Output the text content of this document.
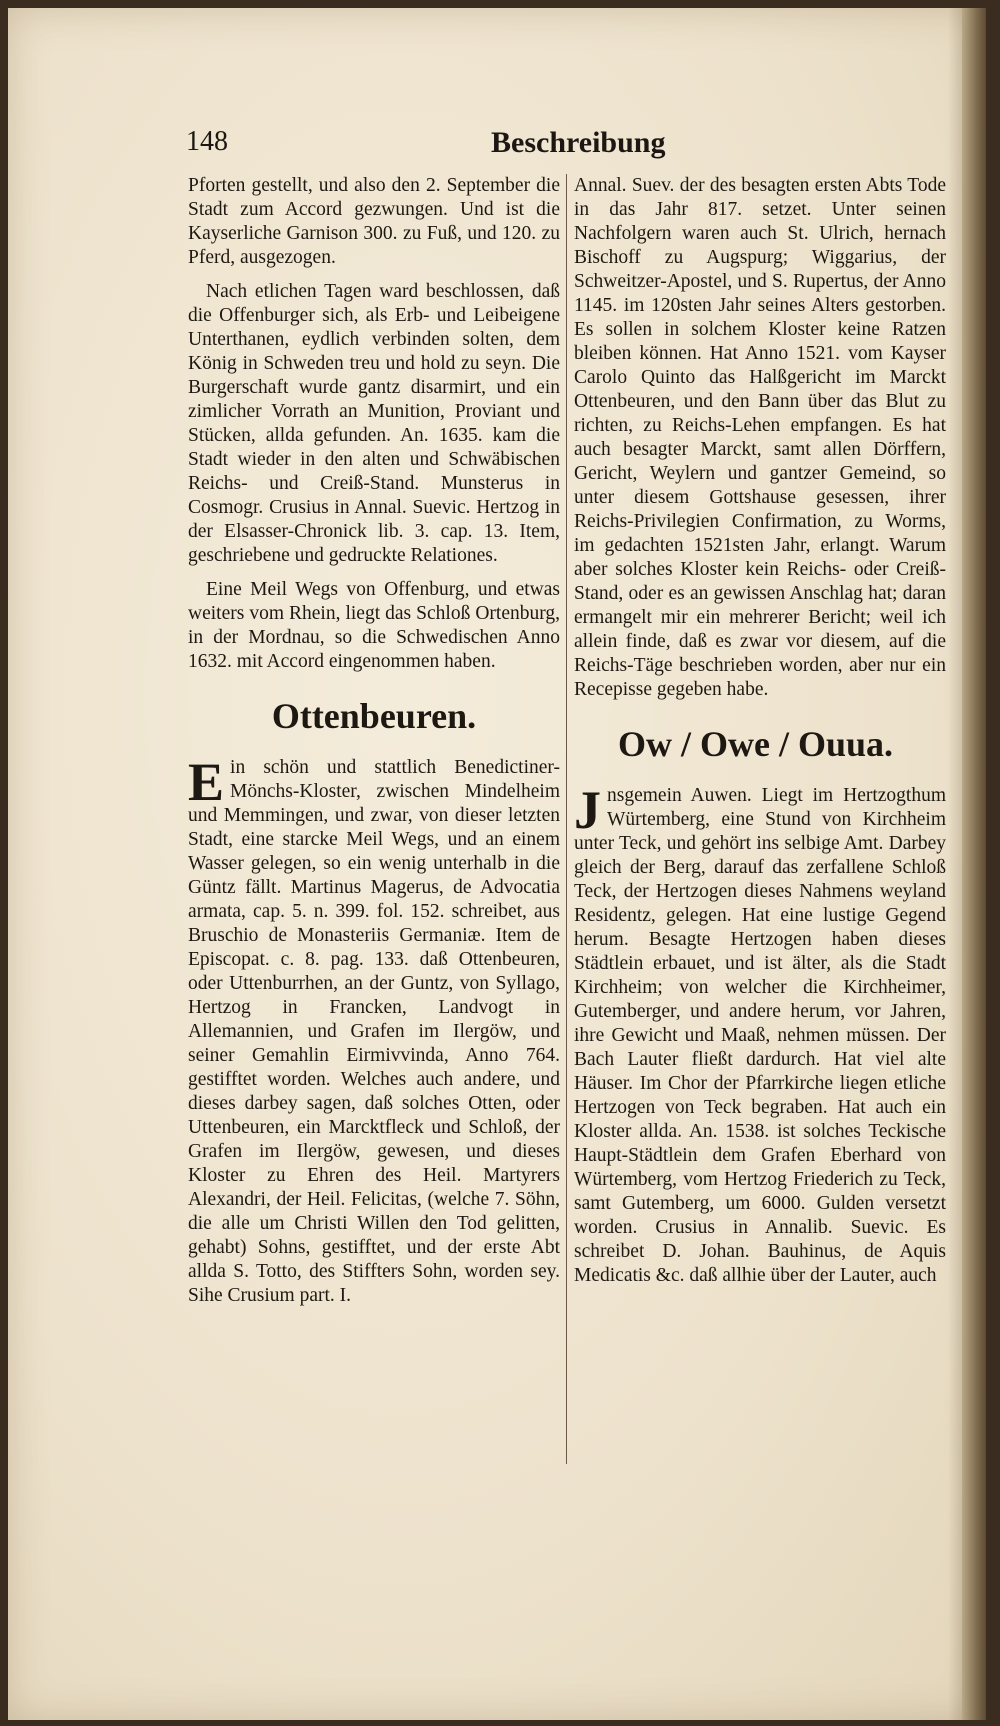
148	Beschreibung

Pforten gestellt, und also den 2. September die Stadt zum Accord gezwungen. Und ist die Kayserliche Garnison 300. zu Fuß, und 120. zu Pferd, ausgezogen.

Nach etlichen Tagen ward beschlossen, daß die Offenburger sich, als Erb- und Leibeigene Unterthanen, eydlich verbinden solten, dem König in Schweden treu und hold zu seyn. Die Burgerschaft wurde gantz disarmirt, und ein zimlicher Vorrath an Munition, Proviant und Stücken, allda gefunden. An. 1635. kam die Stadt wieder in den alten und Schwäbischen Reichs- und Creiß-Stand. Munsterus in Cosmogr. Crusius in Annal. Suevic. Hertzog in der Elsasser-Chronick lib. 3. cap. 13. Item, geschriebene und gedruckte Relationes.

Eine Meil Wegs von Offenburg, und etwas weiters vom Rhein, liegt das Schloß Ortenburg, in der Mordnau, so die Schwedischen Anno 1632. mit Accord eingenommen haben.

Ottenbeuren.

Ein schön und stattlich Benedictiner-Mönchs-Kloster, zwischen Mindelheim und Memmingen, und zwar, von dieser letzten Stadt, eine starcke Meil Wegs, und an einem Wasser gelegen, so ein wenig unterhalb in die Güntz fällt. Martinus Magerus, de Advocatia armata, cap. 5. n. 399. fol. 152. schreibet, aus Bruschio de Monasteriis Germaniæ. Item de Episcopat. c. 8. pag. 133. daß Ottenbeuren, oder Uttenburrhen, an der Guntz, von Syllago, Hertzog in Francken, Landvogt in Allemannien, und Grafen im Ilergöw, und seiner Gemahlin Eirmivvinda, Anno 764. gestifftet worden. Welches auch andere, und dieses darbey sagen, daß solches Otten, oder Uttenbeuren, ein Marcktfleck und Schloß, der Grafen im Ilergöw, gewesen, und dieses Kloster zu Ehren des Heil. Martyrers Alexandri, der Heil. Felicitas, (welche 7. Söhn, die alle um Christi Willen den Tod gelitten, gehabt) Sohns, gestifftet, und der erste Abt allda S. Totto, des Stiffters Sohn, worden sey. Sihe Crusium part. I.

Annal. Suev. der des besagten ersten Abts Tode in das Jahr 817. setzet. Unter seinen Nachfolgern waren auch St. Ulrich, hernach Bischoff zu Augspurg; Wiggarius, der Schweitzer-Apostel, und S. Rupertus, der Anno 1145. im 120sten Jahr seines Alters gestorben. Es sollen in solchem Kloster keine Ratzen bleiben können. Hat Anno 1521. vom Kayser Carolo Quinto das Halßgericht im Marckt Ottenbeuren, und den Bann über das Blut zu richten, zu Reichs-Lehen empfangen. Es hat auch besagter Marckt, samt allen Dörffern, Gericht, Weylern und gantzer Gemeind, so unter diesem Gottshause gesessen, ihrer Reichs-Privilegien Confirmation, zu Worms, im gedachten 1521sten Jahr, erlangt. Warum aber solches Kloster kein Reichs- oder Creiß-Stand, oder es an gewissen Anschlag hat; daran ermangelt mir ein mehrerer Bericht; weil ich allein finde, daß es zwar vor diesem, auf die Reichs-Täge beschrieben worden, aber nur ein Recepisse gegeben habe.

Ow / Owe / Ouua.

Jnsgemein Auwen. Liegt im Hertzogthum Würtemberg, eine Stund von Kirchheim unter Teck, und gehört ins selbige Amt. Darbey gleich der Berg, darauf das zerfallene Schloß Teck, der Hertzogen dieses Nahmens weyland Residentz, gelegen. Hat eine lustige Gegend herum. Besagte Hertzogen haben dieses Städtlein erbauet, und ist älter, als die Stadt Kirchheim; von welcher die Kirchheimer, Gutemberger, und andere herum, vor Jahren, ihre Gewicht und Maaß, nehmen müssen. Der Bach Lauter fließt dardurch. Hat viel alte Häuser. Im Chor der Pfarrkirche liegen etliche Hertzogen von Teck begraben. Hat auch ein Kloster allda. An. 1538. ist solches Teckische Haupt-Städtlein dem Grafen Eberhard von Würtemberg, vom Hertzog Friederich zu Teck, samt Gutemberg, um 6000. Gulden versetzt worden. Crusius in Annalib. Suevic. Es schreibet D. Johan. Bauhinus, de Aquis Medicatis &c. daß allhie über der Lauter, auch
